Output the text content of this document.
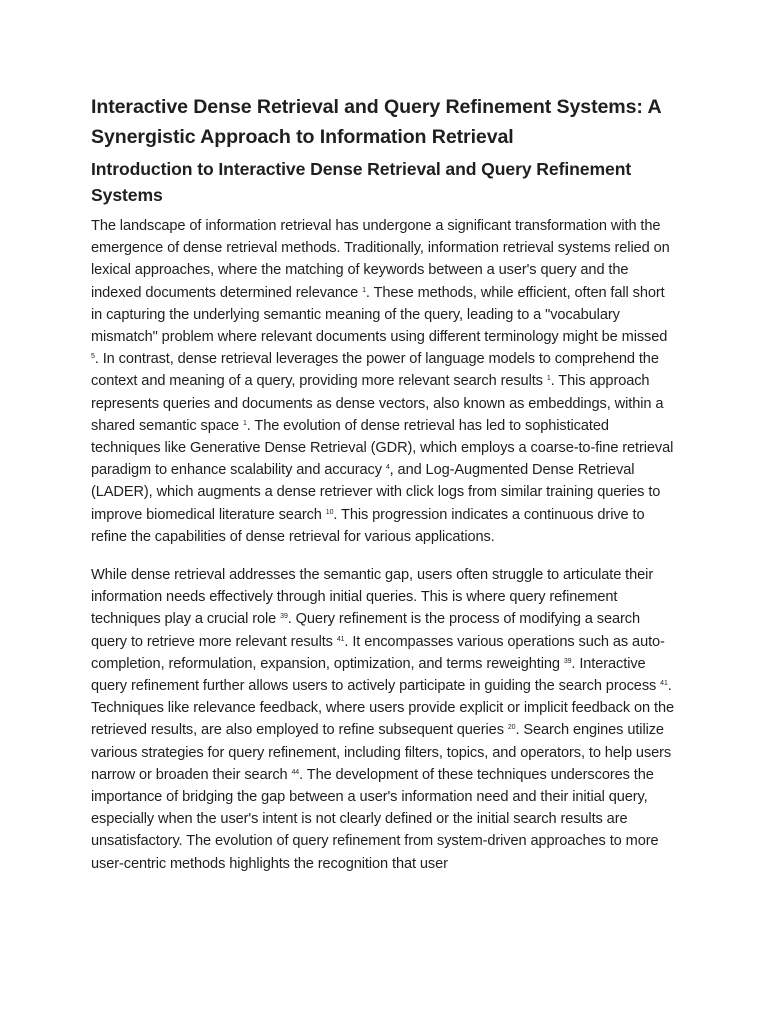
Interactive Dense Retrieval and Query Refinement Systems: A Synergistic Approach to Information Retrieval
Introduction to Interactive Dense Retrieval and Query Refinement Systems

The landscape of information retrieval has undergone a significant transformation with the emergence of dense retrieval methods. Traditionally, information retrieval systems relied on lexical approaches, where the matching of keywords between a user's query and the indexed documents determined relevance $^1$. These methods, while efficient, often fall short in capturing the underlying semantic meaning of the query, leading to a "vocabulary mismatch" problem where relevant documents using different terminology might be missed $^5$. In contrast, dense retrieval leverages the power of language models to comprehend the context and meaning of a query, providing more relevant search results $^1$. This approach represents queries and documents as dense vectors, also known as embeddings, within a shared semantic space $^1$. The evolution of dense retrieval has led to sophisticated techniques like Generative Dense Retrieval (GDR), which employs a coarse-to-fine retrieval paradigm to enhance scalability and accuracy $^4$, and Log-Augmented Dense Retrieval (LADER), which augments a dense retriever with click logs from similar training queries to improve biomedical literature search $^{10}$. This progression indicates a continuous drive to refine the capabilities of dense retrieval for various applications.

While dense retrieval addresses the semantic gap, users often struggle to articulate their information needs effectively through initial queries. This is where query refinement techniques play a crucial role $^{39}$. Query refinement is the process of modifying a search query to retrieve more relevant results $^{41}$. It encompasses various operations such as auto-completion, reformulation, expansion, optimization, and terms reweighting $^{39}$. Interactive query refinement further allows users to actively participate in guiding the search process $^{41}$. Techniques like relevance feedback, where users provide explicit or implicit feedback on the retrieved results, are also employed to refine subsequent queries $^{20}$. Search engines utilize various strategies for query refinement, including filters, topics, and operators, to help users narrow or broaden their search $^{44}$. The development of these techniques underscores the importance of bridging the gap between a user's information need and their initial query, especially when the user's intent is not clearly defined or the initial search results are unsatisfactory. The evolution of query refinement from system-driven approaches to more user-centric methods highlights the recognition that user
